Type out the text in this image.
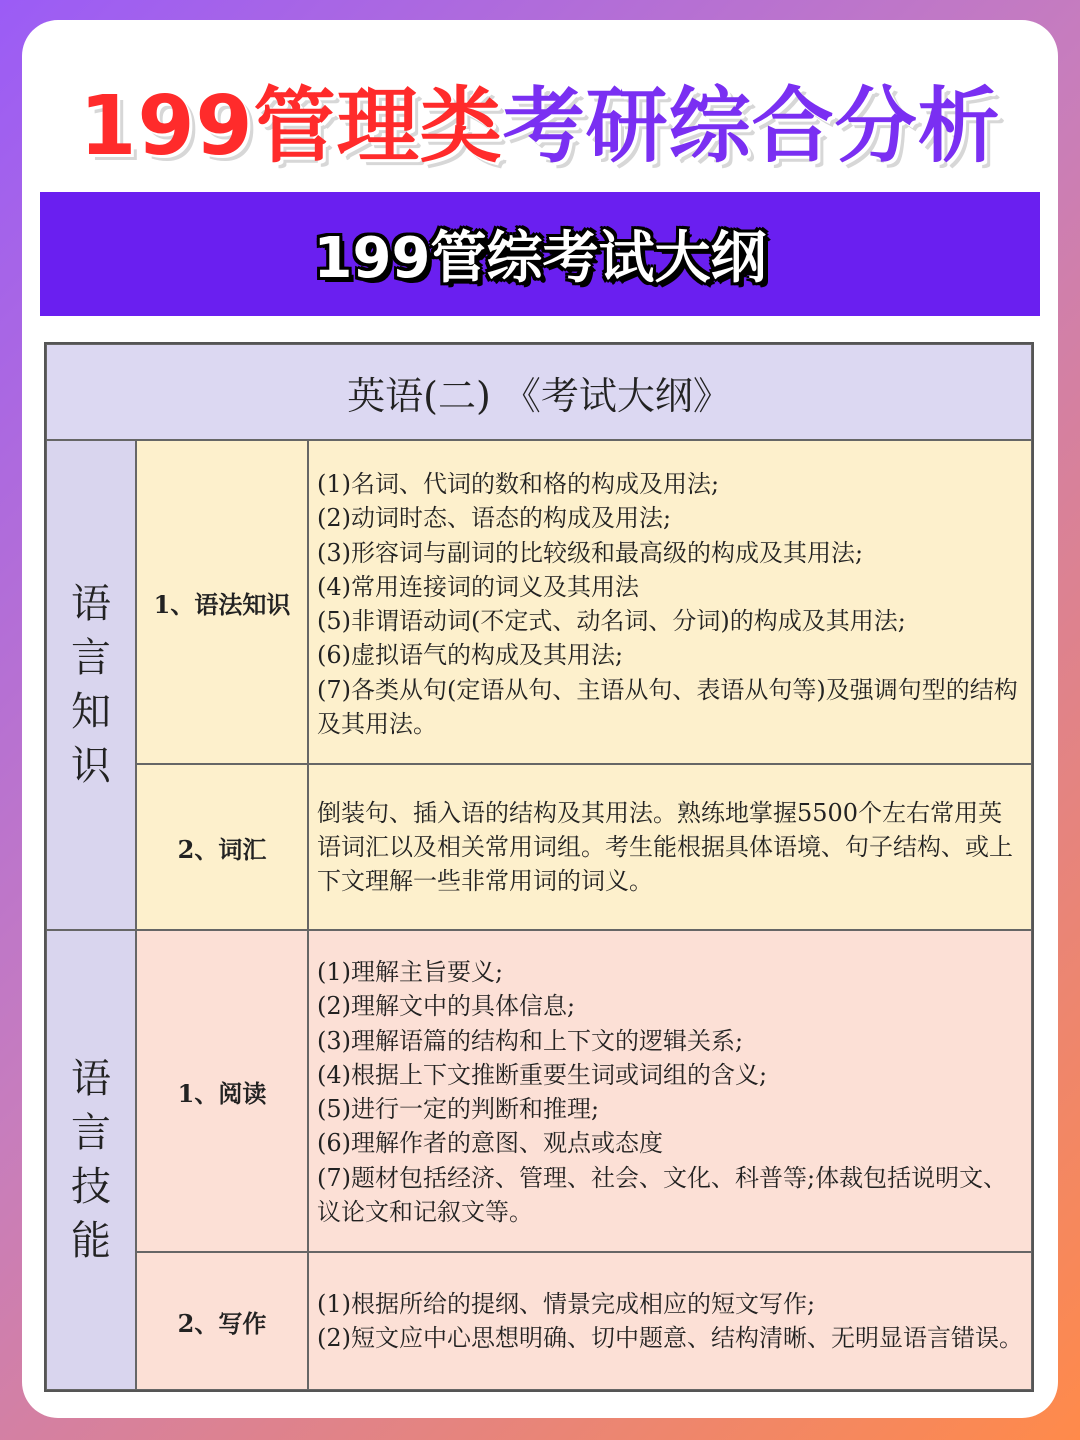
199管理类 考研综合分析
199管综考试大纲
英语(二) 《考试大纲》
语言知识
1、语法知识
(1)名词、代词的数和格的构成及用法;
(2)动词时态、语态的构成及用法;
(3)形容词与副词的比较级和最高级的构成及其用法;
(4)常用连接词的词义及其用法
(5)非谓语动词(不定式、动名词、分词)的构成及其用法;
(6)虚拟语气的构成及其用法;
(7)各类从句(定语从句、主语从句、表语从句等)及强调句型的结构及其用法。
2、词汇
倒装句、插入语的结构及其用法。熟练地掌握5500个左右常用英语词汇以及相关常用词组。考生能根据具体语境、句子结构、或上下文理解一些非常用词的词义。
语言技能
1、阅读
(1)理解主旨要义;
(2)理解文中的具体信息;
(3)理解语篇的结构和上下文的逻辑关系;
(4)根据上下文推断重要生词或词组的含义;
(5)进行一定的判断和推理;
(6)理解作者的意图、观点或态度
(7)题材包括经济、管理、社会、文化、科普等;体裁包括说明文、议论文和记叙文等。
2、写作
(1)根据所给的提纲、情景完成相应的短文写作;
(2)短文应中心思想明确、切中题意、结构清晰、无明显语言错误。
